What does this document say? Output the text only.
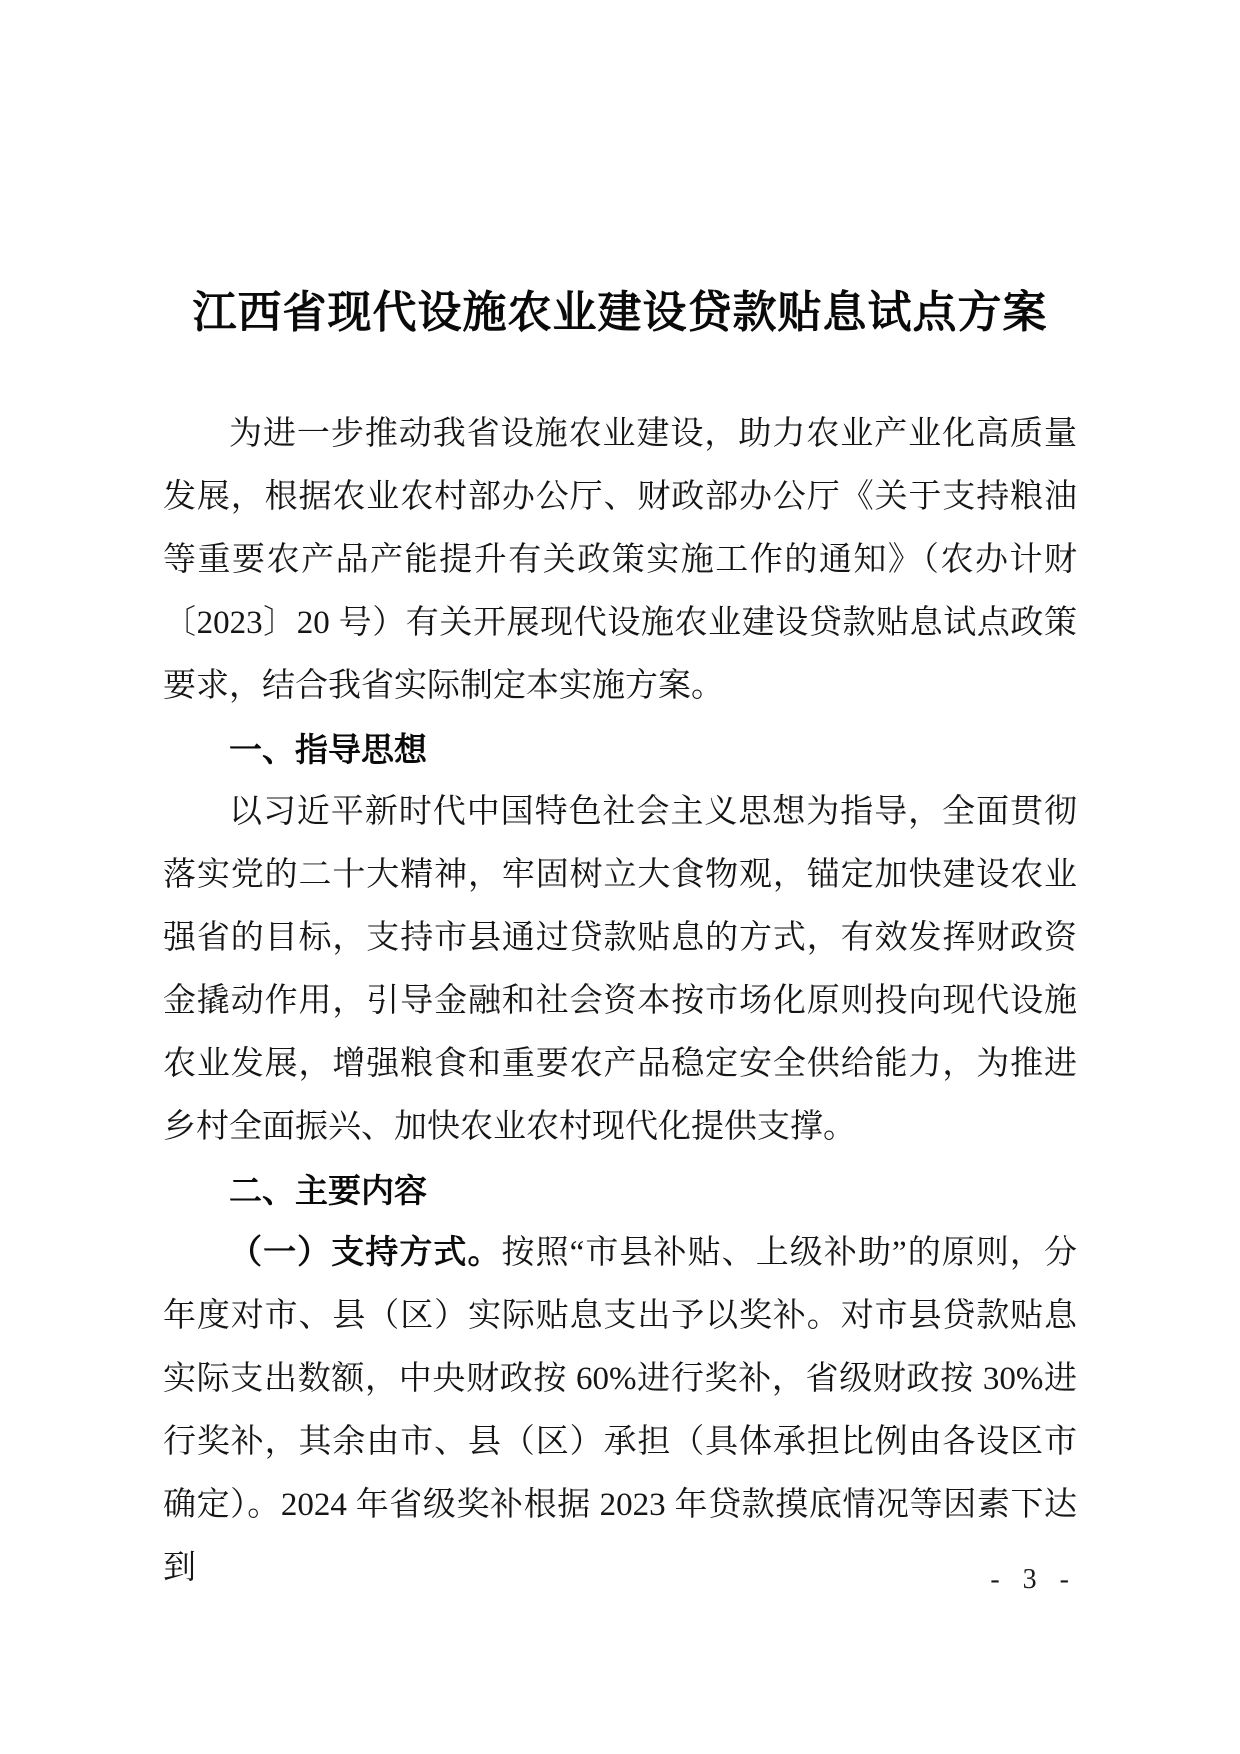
江西省现代设施农业建设贷款贴息试点方案

为进一步推动我省设施农业建设，助力农业产业化高质量发展，根据农业农村部办公厅、财政部办公厅《关于支持粮油等重要农产品产能提升有关政策实施工作的通知》（农办计财〔2023〕20 号）有关开展现代设施农业建设贷款贴息试点政策要求，结合我省实际制定本实施方案。

一、指导思想

以习近平新时代中国特色社会主义思想为指导，全面贯彻落实党的二十大精神，牢固树立大食物观，锚定加快建设农业强省的目标，支持市县通过贷款贴息的方式，有效发挥财政资金撬动作用，引导金融和社会资本按市场化原则投向现代设施农业发展，增强粮食和重要农产品稳定安全供给能力，为推进乡村全面振兴、加快农业农村现代化提供支撑。

二、主要内容

（一）支持方式。按照“市县补贴、上级补助”的原则，分年度对市、县（区）实际贴息支出予以奖补。对市县贷款贴息实际支出数额，中央财政按 60%进行奖补，省级财政按 30%进行奖补，其余由市、县（区）承担（具体承担比例由各设区市确定）。2024 年省级奖补根据 2023 年贷款摸底情况等因素下达到	- 3 -
